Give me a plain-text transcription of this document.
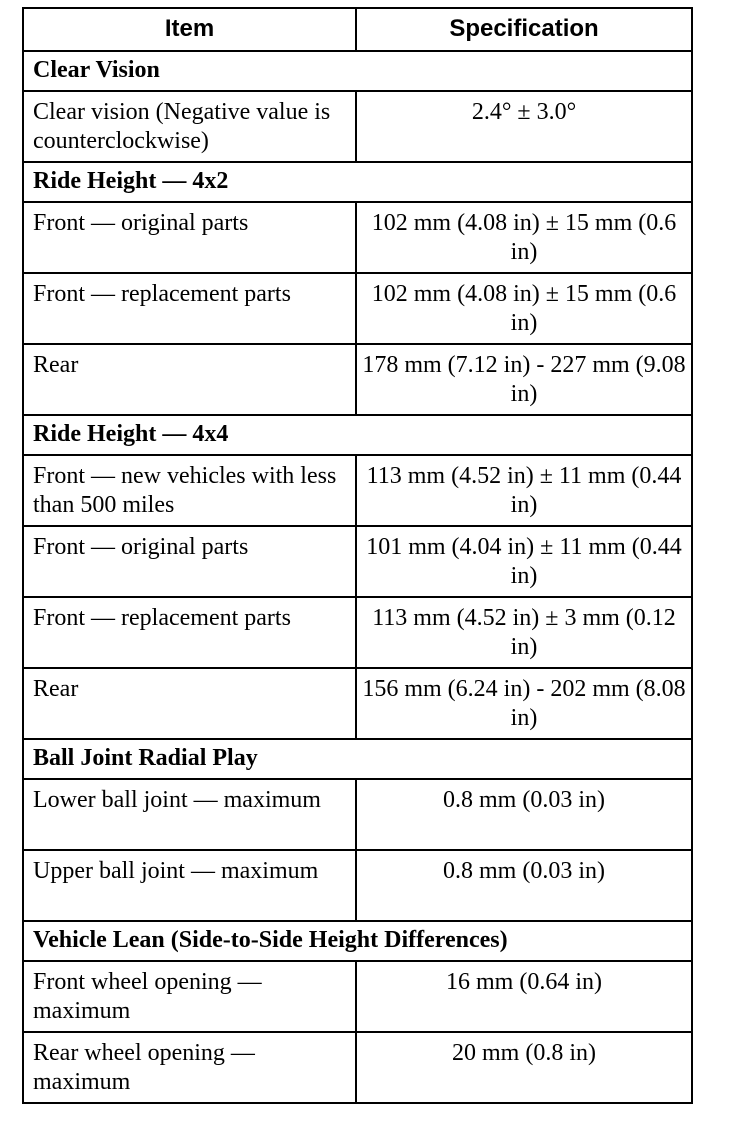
Item	Specification
Clear Vision	
Clear vision (Negative value is counterclockwise)	2.4° ± 3.0°
Ride Height — 4x2	
Front — original parts	102 mm (4.08 in) ± 15 mm (0.6 in)
Front — replacement parts	102 mm (4.08 in) ± 15 mm (0.6 in)
Rear	178 mm (7.12 in) - 227 mm (9.08 in)
Ride Height — 4x4	
Front — new vehicles with less than 500 miles	113 mm (4.52 in) ± 11 mm (0.44 in)
Front — original parts	101 mm (4.04 in) ± 11 mm (0.44 in)
Front — replacement parts	113 mm (4.52 in) ± 3 mm (0.12 in)
Rear	156 mm (6.24 in) - 202 mm (8.08 in)
Ball Joint Radial Play	
Lower ball joint — maximum	0.8 mm (0.03 in)
Upper ball joint — maximum	0.8 mm (0.03 in)
Vehicle Lean (Side-to-Side Height Differences)	
Front wheel opening — maximum	16 mm (0.64 in)
Rear wheel opening — maximum	20 mm (0.8 in)
